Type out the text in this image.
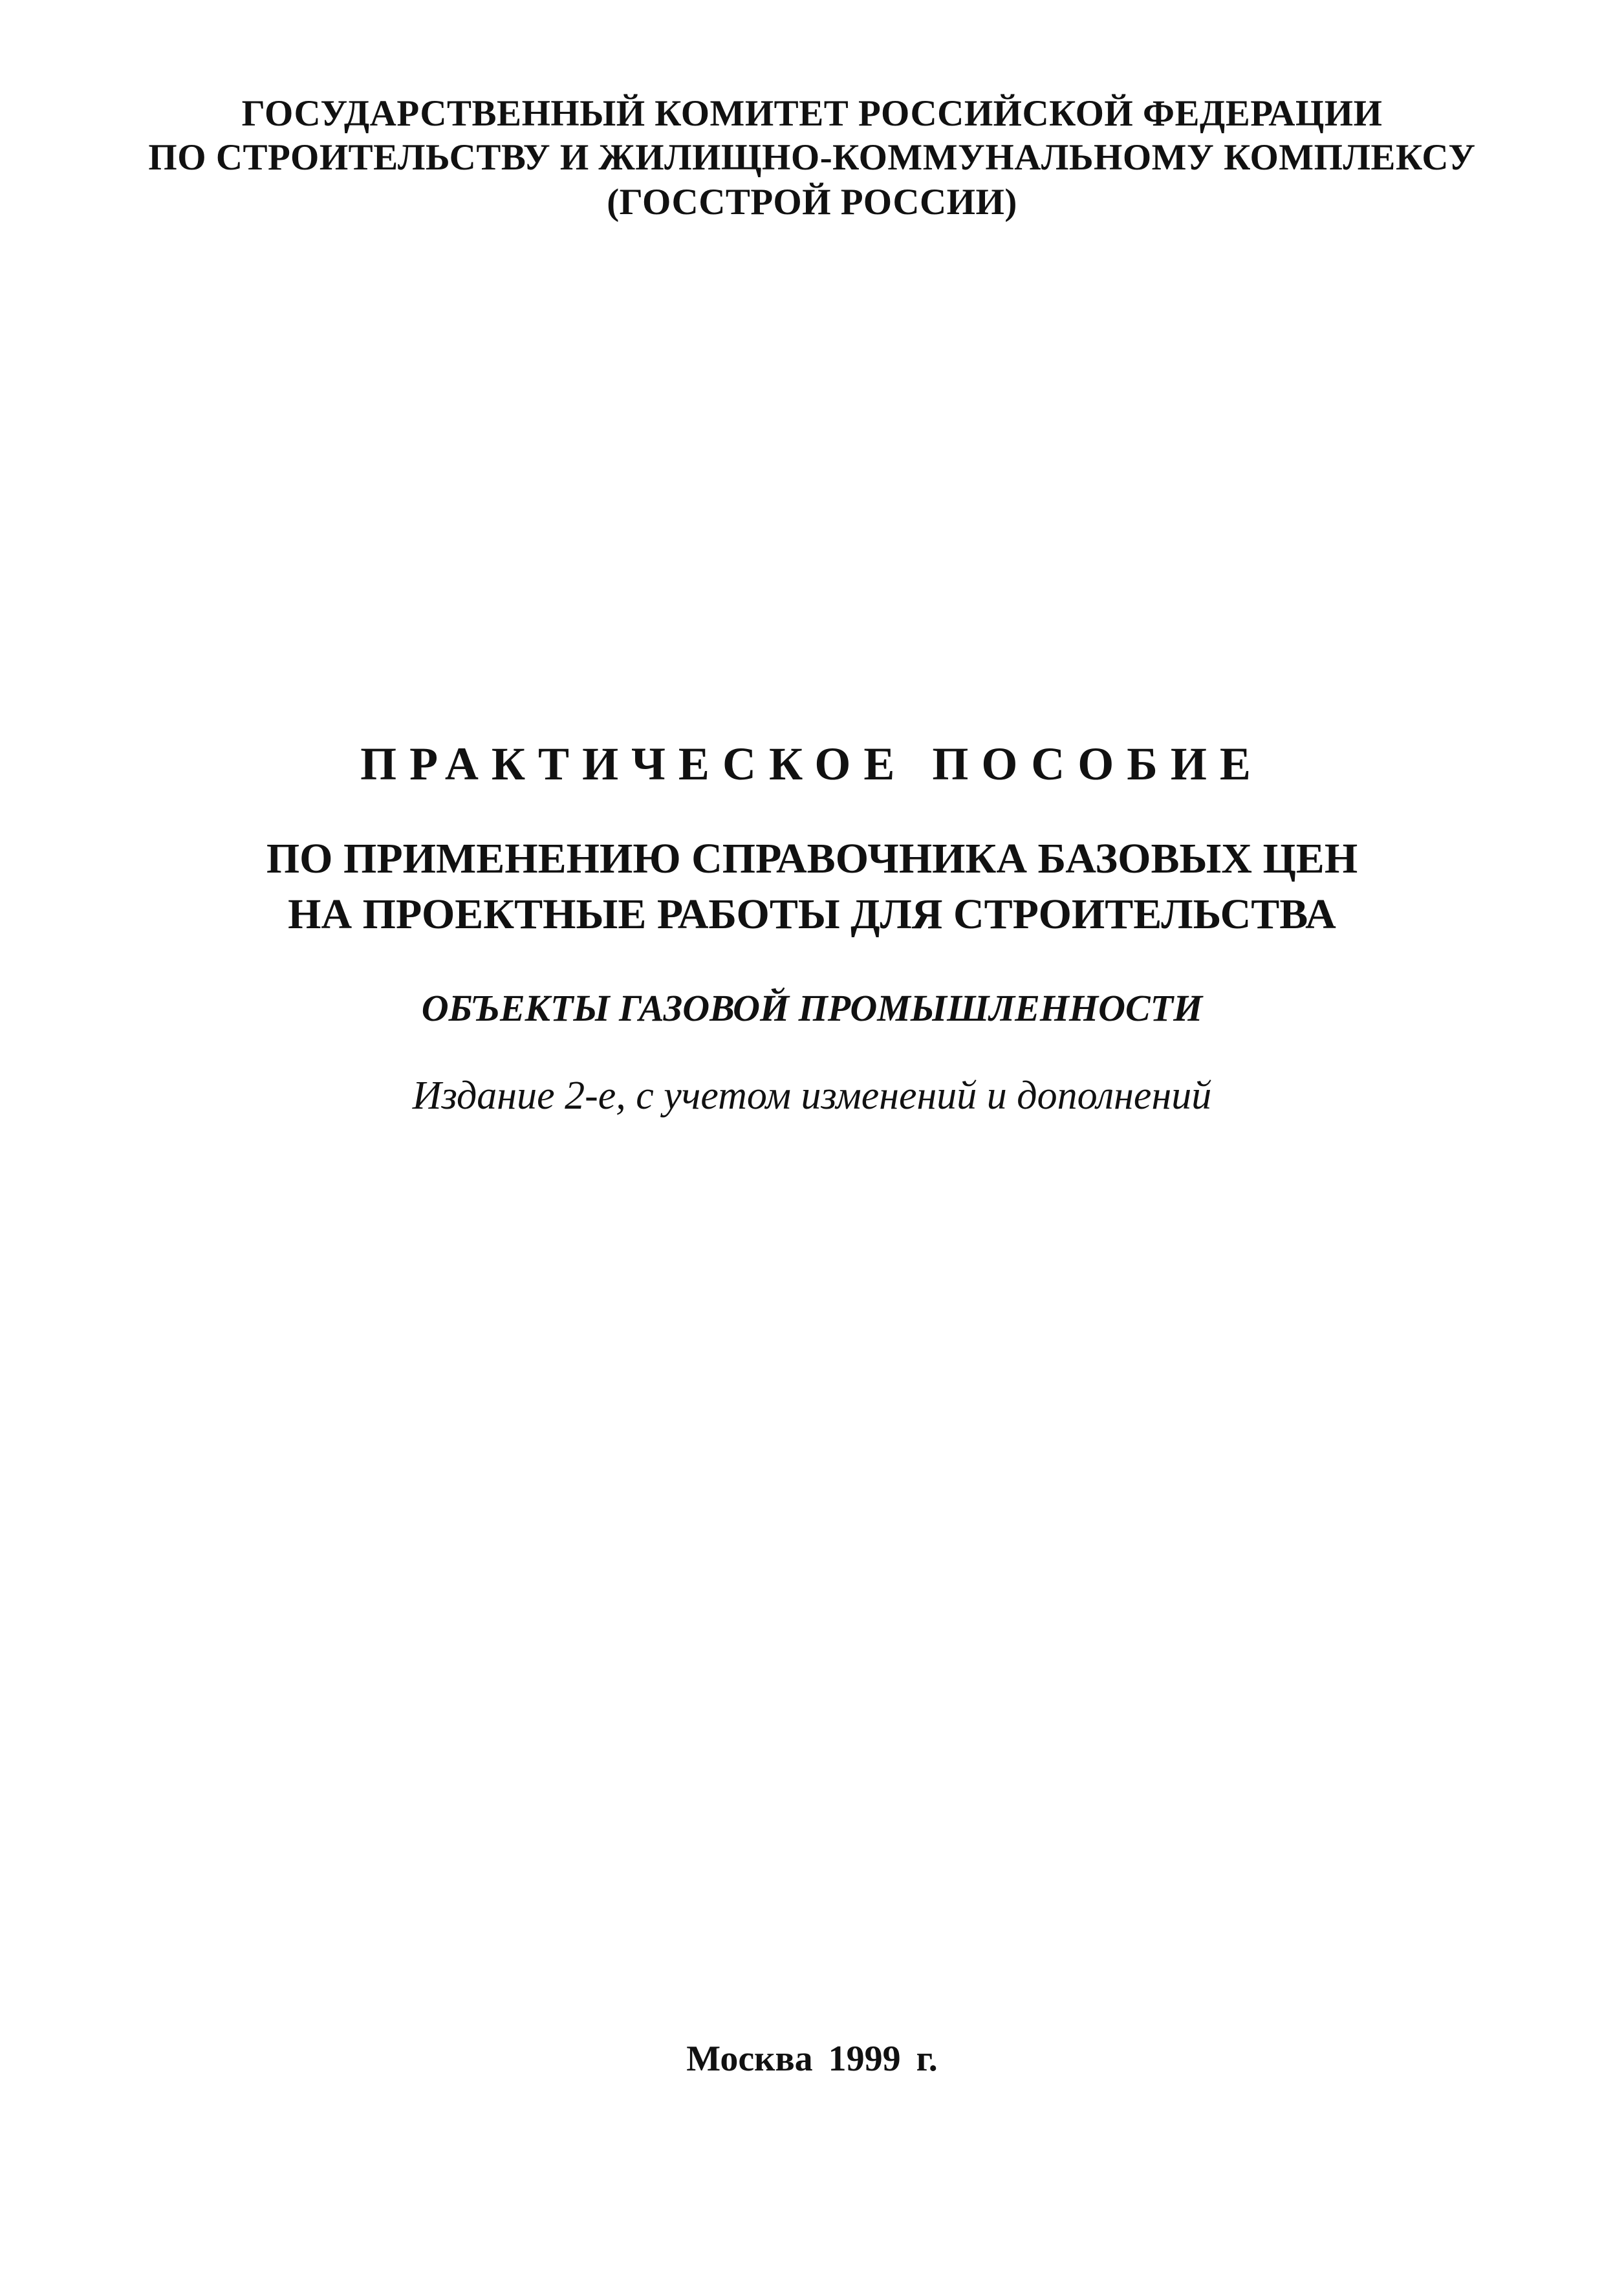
ГОСУДАРСТВЕННЫЙ КОМИТЕТ РОССИЙСКОЙ ФЕДЕРАЦИИ
ПО СТРОИТЕЛЬСТВУ И ЖИЛИЩНО-КОММУНАЛЬНОМУ КОМПЛЕКСУ
(ГОССТРОЙ РОССИИ)
ПРАКТИЧЕСКОЕ ПОСОБИЕ
ПО ПРИМЕНЕНИЮ СПРАВОЧНИКА БАЗОВЫХ ЦЕН
НА ПРОЕКТНЫЕ РАБОТЫ ДЛЯ СТРОИТЕЛЬСТВА
ОБЪЕКТЫ ГАЗОВОЙ ПРОМЫШЛЕННОСТИ
Издание 2-е, с учетом изменений и дополнений
Москва 1999 г.
